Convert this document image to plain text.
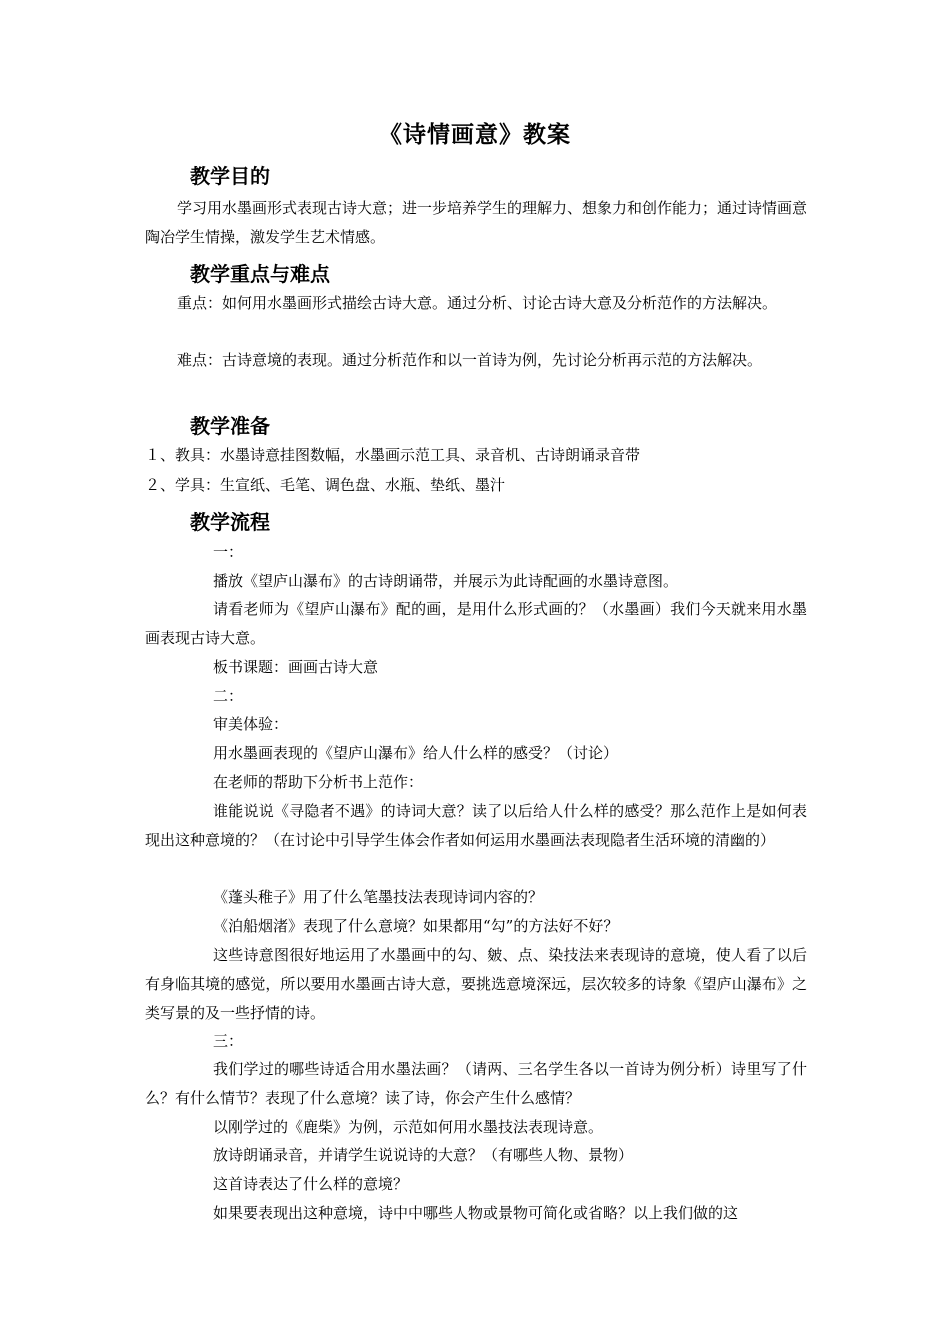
《诗情画意》教案
教学目的
学习用水墨画形式表现古诗大意；进一步培养学生的理解力、想象力和创作能力；通过诗情画意陶冶学生情操，激发学生艺术情感。
教学重点与难点
重点：如何用水墨画形式描绘古诗大意。通过分析、讨论古诗大意及分析范作的方法解决。
难点：古诗意境的表现。通过分析范作和以一首诗为例，先讨论分析再示范的方法解决。
教学准备
１、教具：水墨诗意挂图数幅，水墨画示范工具、录音机、古诗朗诵录音带
２、学具：生宣纸、毛笔、调色盘、水瓶、垫纸、墨汁
教学流程
一：
播放《望庐山瀑布》的古诗朗诵带，并展示为此诗配画的水墨诗意图。
请看老师为《望庐山瀑布》配的画，是用什么形式画的？（水墨画）我们今天就来用水墨画表现古诗大意。
板书课题：画画古诗大意
二：
审美体验：
用水墨画表现的《望庐山瀑布》给人什么样的感受？（讨论）
在老师的帮助下分析书上范作：
谁能说说《寻隐者不遇》的诗词大意？读了以后给人什么样的感受？那么范作上是如何表现出这种意境的？（在讨论中引导学生体会作者如何运用水墨画法表现隐者生活环境的清幽的）
《蓬头稚子》用了什么笔墨技法表现诗词内容的？
《泊船烟渚》表现了什么意境？如果都用“勾”的方法好不好？
这些诗意图很好地运用了水墨画中的勾、皴、点、染技法来表现诗的意境，使人看了以后有身临其境的感觉，所以要用水墨画古诗大意，要挑选意境深远，层次较多的诗象《望庐山瀑布》之类写景的及一些抒情的诗。
三：
我们学过的哪些诗适合用水墨法画？（请两、三名学生各以一首诗为例分析）诗里写了什么？有什么情节？表现了什么意境？读了诗，你会产生什么感情？
以刚学过的《鹿柴》为例，示范如何用水墨技法表现诗意。
放诗朗诵录音，并请学生说说诗的大意？（有哪些人物、景物）
这首诗表达了什么样的意境？
如果要表现出这种意境，诗中中哪些人物或景物可简化或省略？以上我们做的这
